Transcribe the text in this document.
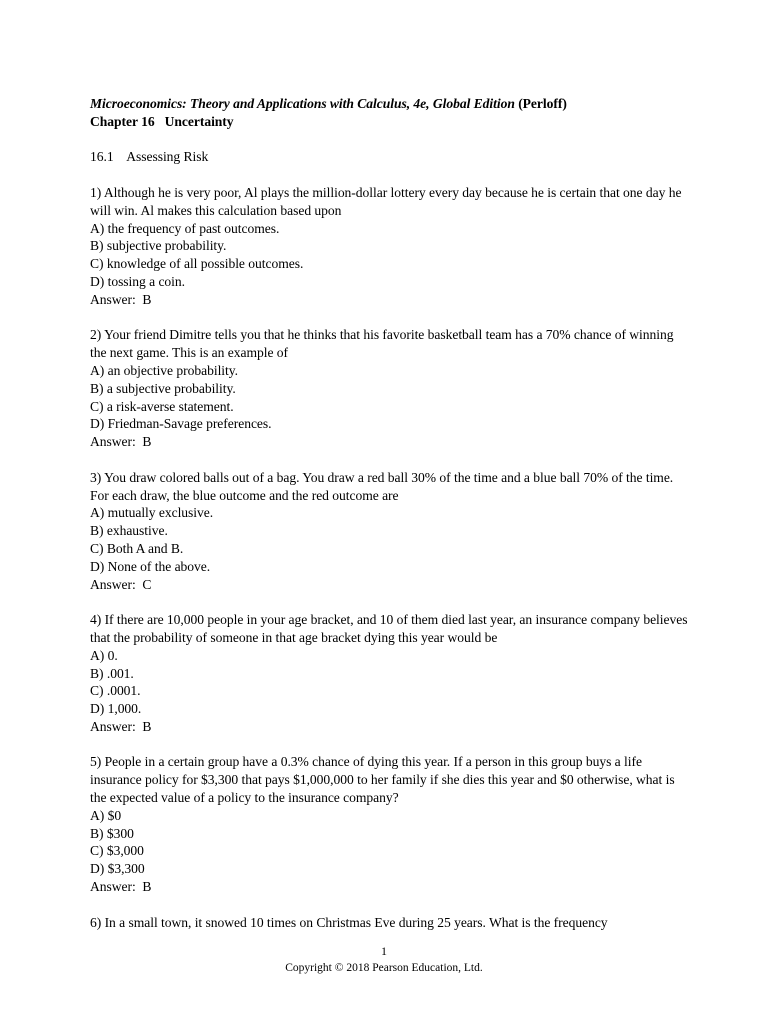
Microeconomics: Theory and Applications with Calculus, 4e, Global Edition (Perloff)
Chapter 16   Uncertainty
16.1    Assessing Risk
1) Although he is very poor, Al plays the million-dollar lottery every day because he is certain that one day he will win. Al makes this calculation based upon
A) the frequency of past outcomes.
B) subjective probability.
C) knowledge of all possible outcomes.
D) tossing a coin.
Answer:  B
2) Your friend Dimitre tells you that he thinks that his favorite basketball team has a 70% chance of winning the next game. This is an example of
A) an objective probability.
B) a subjective probability.
C) a risk-averse statement.
D) Friedman-Savage preferences.
Answer:  B
3) You draw colored balls out of a bag. You draw a red ball 30% of the time and a blue ball 70% of the time. For each draw, the blue outcome and the red outcome are
A) mutually exclusive.
B) exhaustive.
C) Both A and B.
D) None of the above.
Answer:  C
4) If there are 10,000 people in your age bracket, and 10 of them died last year, an insurance company believes that the probability of someone in that age bracket dying this year would be
A) 0.
B) .001.
C) .0001.
D) 1,000.
Answer:  B
5) People in a certain group have a 0.3% chance of dying this year. If a person in this group buys a life insurance policy for $3,300 that pays $1,000,000 to her family if she dies this year and $0 otherwise, what is the expected value of a policy to the insurance company?
A) $0
B) $300
C) $3,000
D) $3,300
Answer:  B
6) In a small town, it snowed 10 times on Christmas Eve during 25 years. What is the frequency
1
Copyright © 2018 Pearson Education, Ltd.
